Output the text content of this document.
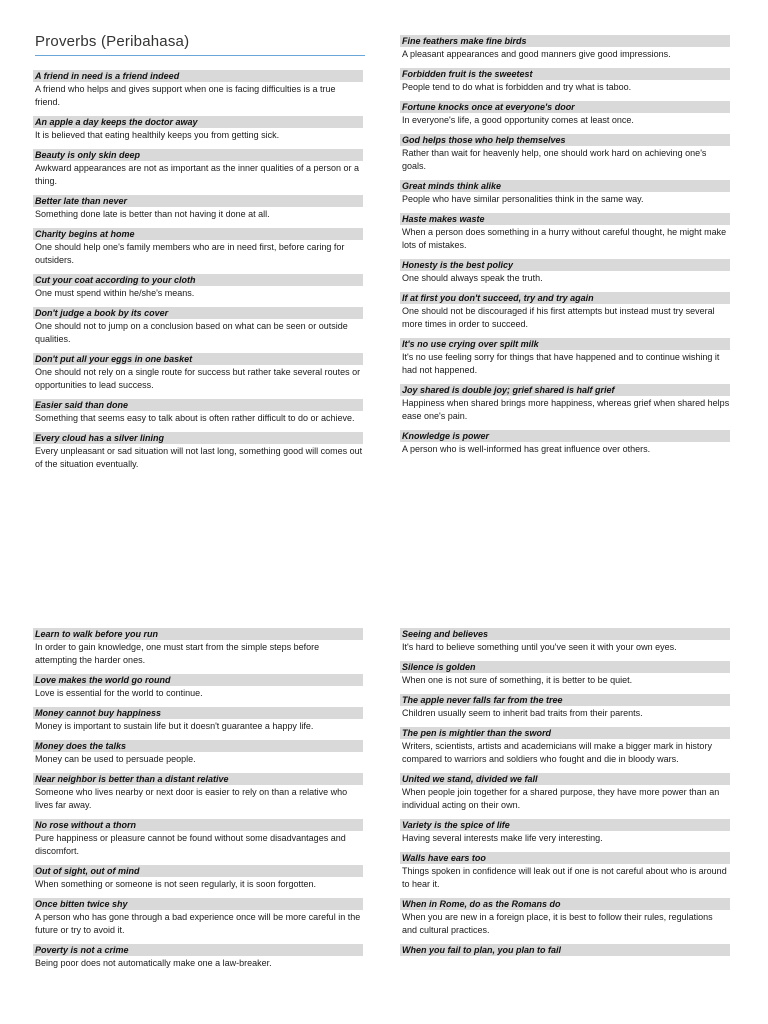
Proverbs (Peribahasa)
A friend in need is a friend indeed
A friend who helps and gives support when one is facing difficulties is a true friend.
An apple a day keeps the doctor away
It is believed that eating healthily keeps you from getting sick.
Beauty is only skin deep
Awkward appearances are not as important as the inner qualities of a person or a thing.
Better late than never
Something done late is better than not having it done at all.
Charity begins at home
One should help one's family members who are in need first, before caring for outsiders.
Cut your coat according to your cloth
One must spend within he/she's means.
Don't judge a book by its cover
One should not to jump on a conclusion based on what can be seen or outside qualities.
Don't put all your eggs in one basket
One should not rely on a single route for success but rather take several routes or opportunities to lead success.
Easier said than done
Something that seems easy to talk about is often rather difficult to do or achieve.
Every cloud has a silver lining
Every unpleasant or sad situation will not last long, something good will comes out of the situation eventually.
Fine feathers make fine birds
A pleasant appearances and good manners give good impressions.
Forbidden fruit is the sweetest
People tend to do what is forbidden and try what is taboo.
Fortune knocks once at everyone's door
In everyone's life, a good opportunity comes at least once.
God helps those who help themselves
Rather than wait for heavenly help, one should work hard on achieving one's goals.
Great minds think alike
People who have similar personalities think in the same way.
Haste makes waste
When a person does something in a hurry without careful thought, he might make lots of mistakes.
Honesty is the best policy
One should always speak the truth.
If at first you don't succeed, try and try again
One should not be discouraged if his first attempts but instead must try several more times in order to succeed.
It's no use crying over spilt milk
It's no use feeling sorry for things that have happened and to continue wishing it had not happened.
Joy shared is double joy; grief shared is half grief
Happiness when shared brings more happiness, whereas grief when shared helps ease one's pain.
Knowledge is power
A person who is well-informed has great influence over others.
Learn to walk before you run
In order to gain knowledge, one must start from the simple steps before attempting the harder ones.
Love makes the world go round
Love is essential for the world to continue.
Money cannot buy happiness
Money is important to sustain life but it doesn't guarantee a happy life.
Money does the talks
Money can be used to persuade people.
Near neighbor is better than a distant relative
Someone who lives nearby or next door is easier to rely on than a relative who lives far away.
No rose without a thorn
Pure happiness or pleasure cannot be found without some disadvantages and discomfort.
Out of sight, out of mind
When something or someone is not seen regularly, it is soon forgotten.
Once bitten twice shy
A person who has gone through a bad experience once will be more careful in the future or try to avoid it.
Poverty is not a crime
Being poor does not automatically make one a law-breaker.
Seeing and believes
It's hard to believe something until you've seen it with your own eyes.
Silence is golden
When one is not sure of something, it is better to be quiet.
The apple never falls far from the tree
Children usually seem to inherit bad traits from their parents.
The pen is mightier than the sword
Writers, scientists, artists and academicians will make a bigger mark in history compared to warriors and soldiers who fought and die in bloody wars.
United we stand, divided we fall
When people join together for a shared purpose, they have more power than an individual acting on their own.
Variety is the spice of life
Having several interests make life very interesting.
Walls have ears too
Things spoken in confidence will leak out if one is not careful about who is around to hear it.
When in Rome, do as the Romans do
When you are new in a foreign place, it is best to follow their rules, regulations and cultural practices.
When you fail to plan, you plan to fail
